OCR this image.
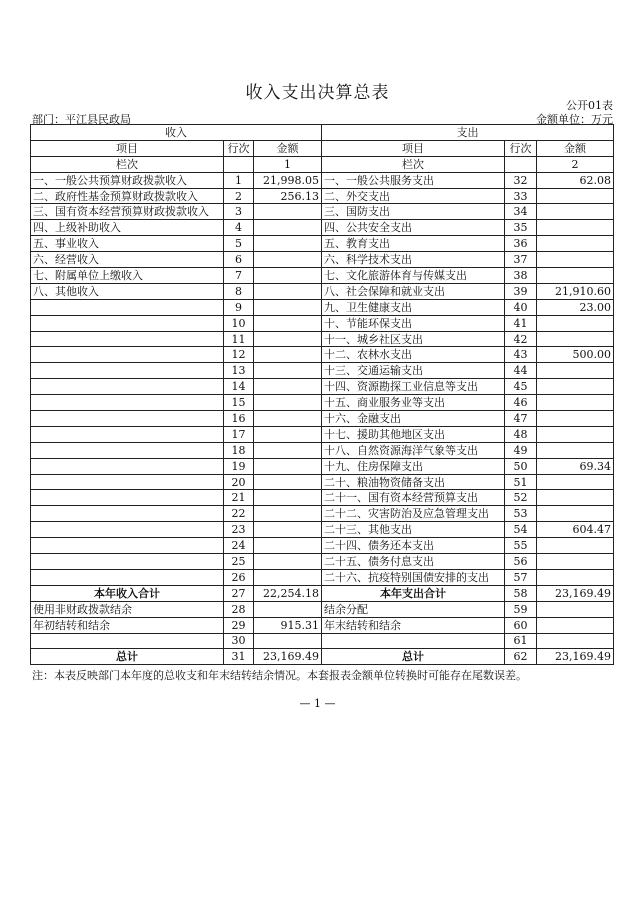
收入支出决算总表
公开01表
部门：平江县民政局	金额单位：万元
收入			支出		
项目	行次	金额	项目	行次	金额
栏次		1	栏次		2
一、一般公共预算财政拨款收入	1	21,998.05	一、一般公共服务支出	32	62.08
二、政府性基金预算财政拨款收入	2	256.13	二、外交支出	33	
三、国有资本经营预算财政拨款收入	3		三、国防支出	34	
四、上级补助收入	4		四、公共安全支出	35	
五、事业收入	5		五、教育支出	36	
六、经营收入	6		六、科学技术支出	37	
七、附属单位上缴收入	7		七、文化旅游体育与传媒支出	38	
八、其他收入	8		八、社会保障和就业支出	39	21,910.60
	9		九、卫生健康支出	40	23.00
	10		十、节能环保支出	41	
	11		十一、城乡社区支出	42	
	12		十二、农林水支出	43	500.00
	13		十三、交通运输支出	44	
	14		十四、资源勘探工业信息等支出	45	
	15		十五、商业服务业等支出	46	
	16		十六、金融支出	47	
	17		十七、援助其他地区支出	48	
	18		十八、自然资源海洋气象等支出	49	
	19		十九、住房保障支出	50	69.34
	20		二十、粮油物资储备支出	51	
	21		二十一、国有资本经营预算支出	52	
	22		二十二、灾害防治及应急管理支出	53	
	23		二十三、其他支出	54	604.47
	24		二十四、债务还本支出	55	
	25		二十五、债务付息支出	56	
	26		二十六、抗疫特别国债安排的支出	57	
本年收入合计	27	22,254.18	本年支出合计	58	23,169.49
使用非财政拨款结余	28		结余分配	59	
年初结转和结余	29	915.31	年末结转和结余	60	
	30			61	
总计	31	23,169.49	总计	62	23,169.49
注：本表反映部门本年度的总收支和年末结转结余情况。本套报表金额单位转换时可能存在尾数误差。
— 1 —
